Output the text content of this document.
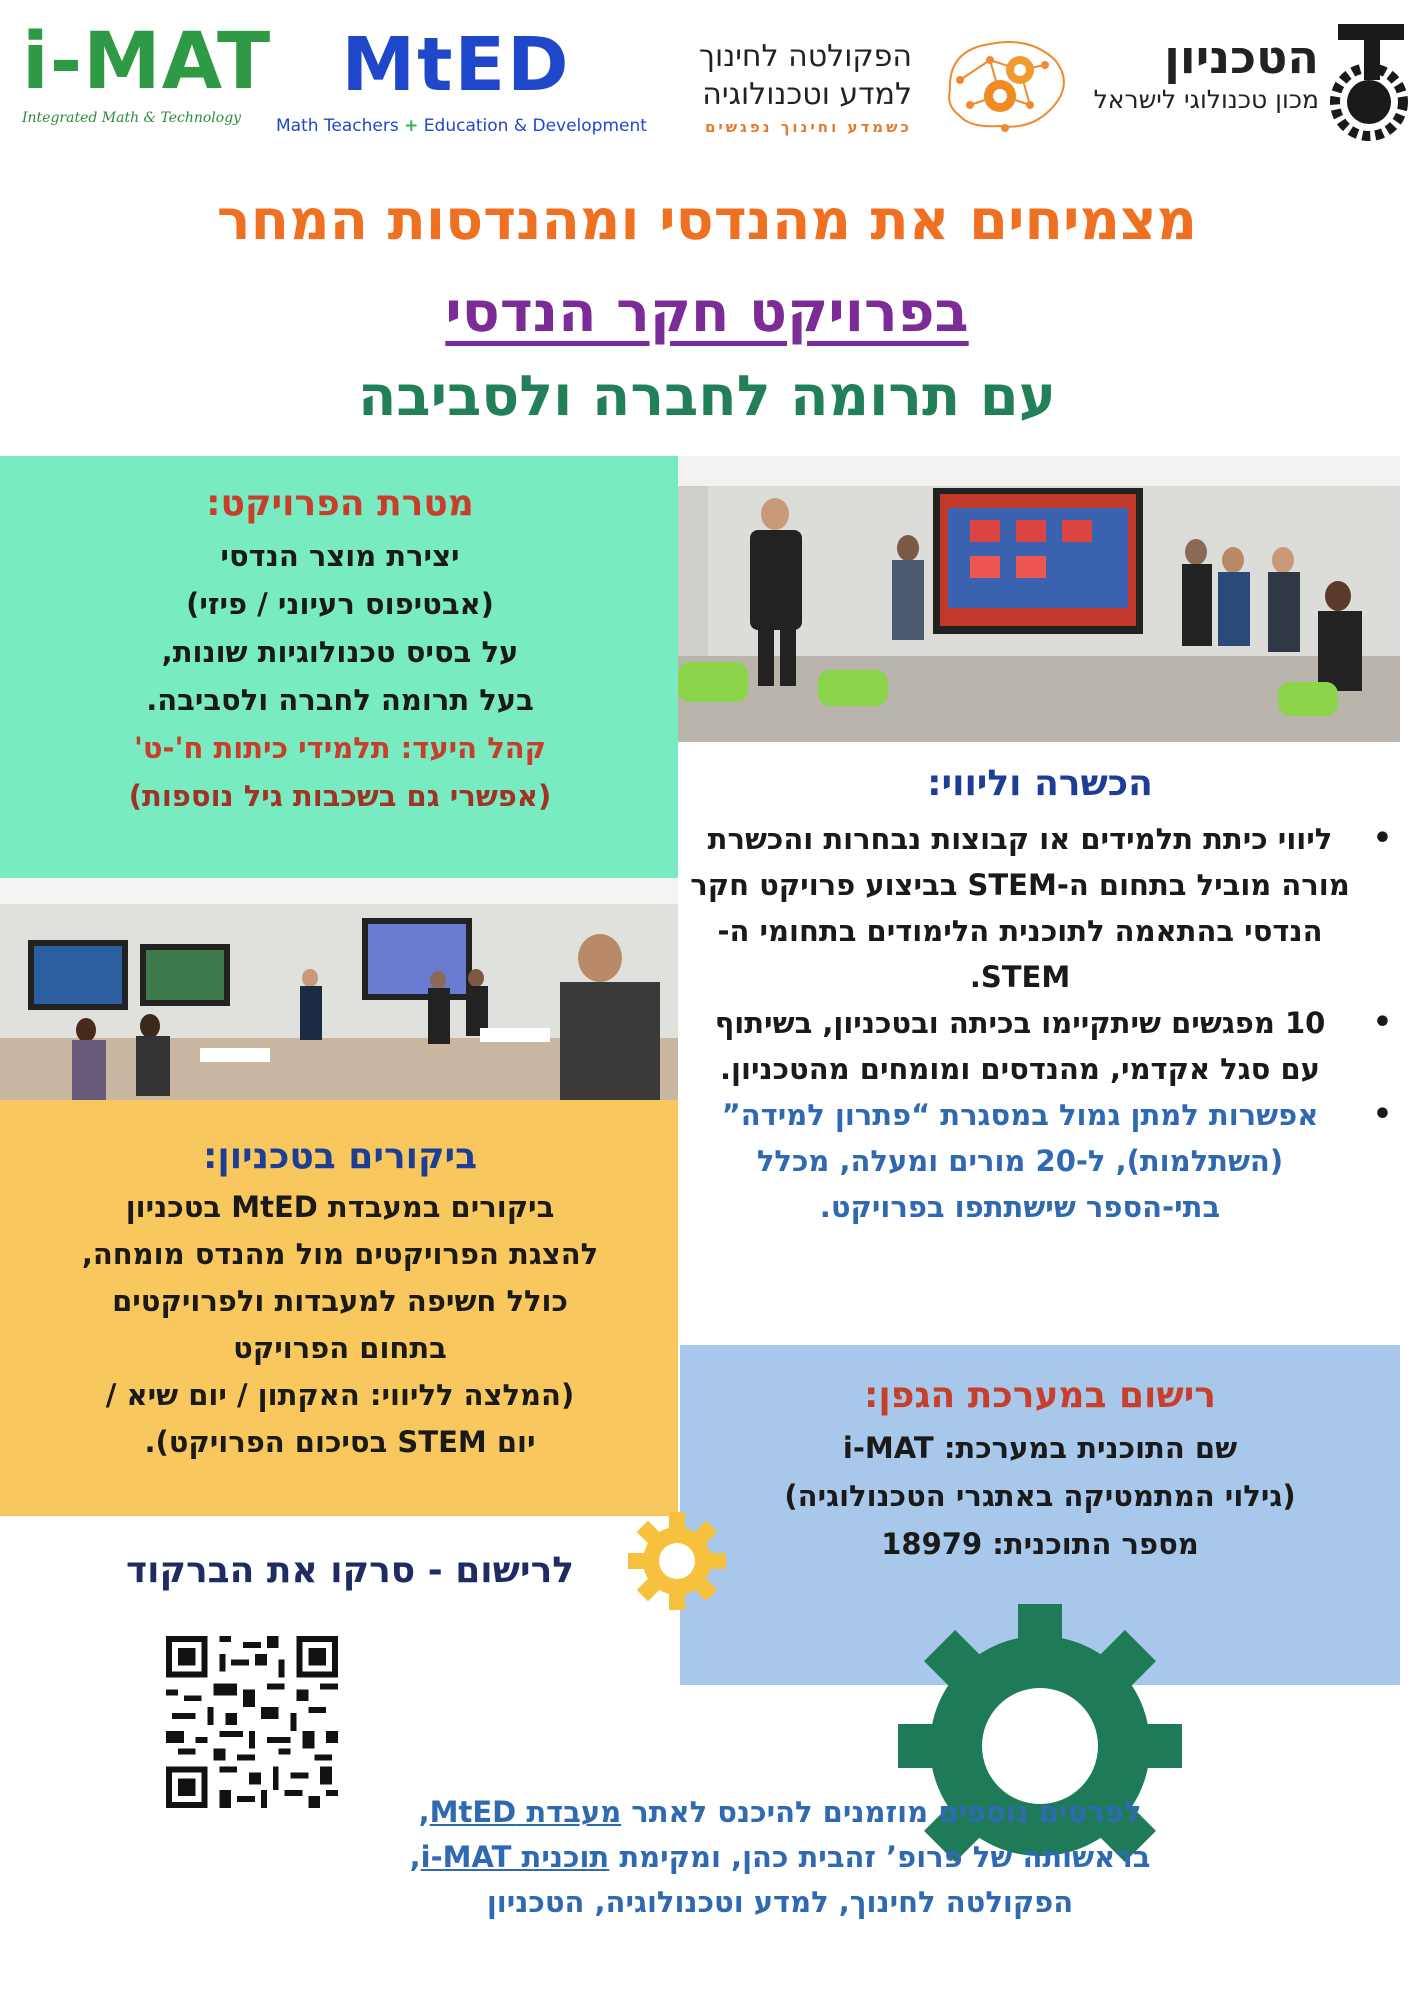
i-MAT
Integrated Math & Technology
MtED
Math Teachers + Education & Development
הפקולטה לחינוך
למדע וטכנולוגיה
כשמדע וחינוך נפגשים
הטכניון
מכון טכנולוגי לישראל
מצמיחים את מהנדסי ומהנדסות המחר
בפרויקט חקר הנדסי
עם תרומה לחברה ולסביבה
מטרת הפרויקט:
יצירת מוצר הנדסי
(אבטיפוס רעיוני / פיזי)
על בסיס טכנולוגיות שונות,
בעל תרומה לחברה ולסביבה.
קהל היעד: תלמידי כיתות ח'-ט'
(אפשרי גם בשכבות גיל נוספות)	הכשרה וליווי:
•
ליווי כיתת תלמידים או קבוצות נבחרות והכשרת מורה מוביל בתחום ה-STEM בביצוע פרויקט חקר הנדסי בהתאמה לתוכנית הלימודים בתחומי ה-STEM.
•
10 מפגשים שיתקיימו בכיתה ובטכניון, בשיתוף עם סגל אקדמי, מהנדסים ומומחים מהטכניון.
•
אפשרות למתן גמול במסגרת “פתרון למידה” (השתלמות), ל-20 מורים ומעלה, מכלל בתי-הספר שישתתפו בפרויקט.
ביקורים בטכניון:
ביקורים במעבדת MtED בטכניון
להצגת הפרויקטים מול מהנדס מומחה,
כולל חשיפה למעבדות ולפרויקטים
בתחום הפרויקט
(המלצה לליווי: האקתון / יום שיא /
יום STEM בסיכום הפרויקט).
רישום במערכת הגפן:
שם התוכנית במערכת: i-MAT
(גילוי המתמטיקה באתגרי הטכנולוגיה)
מספר התוכנית: 18979
לרישום - סרקו את הברקוד
לפרטים נוספים מוזמנים להיכנס לאתר מעבדת MtED,
בראשותה של פרופ’ זהבית כהן, ומקימת תוכנית i-MAT,
הפקולטה לחינוך, למדע וטכנולוגיה, הטכניון
